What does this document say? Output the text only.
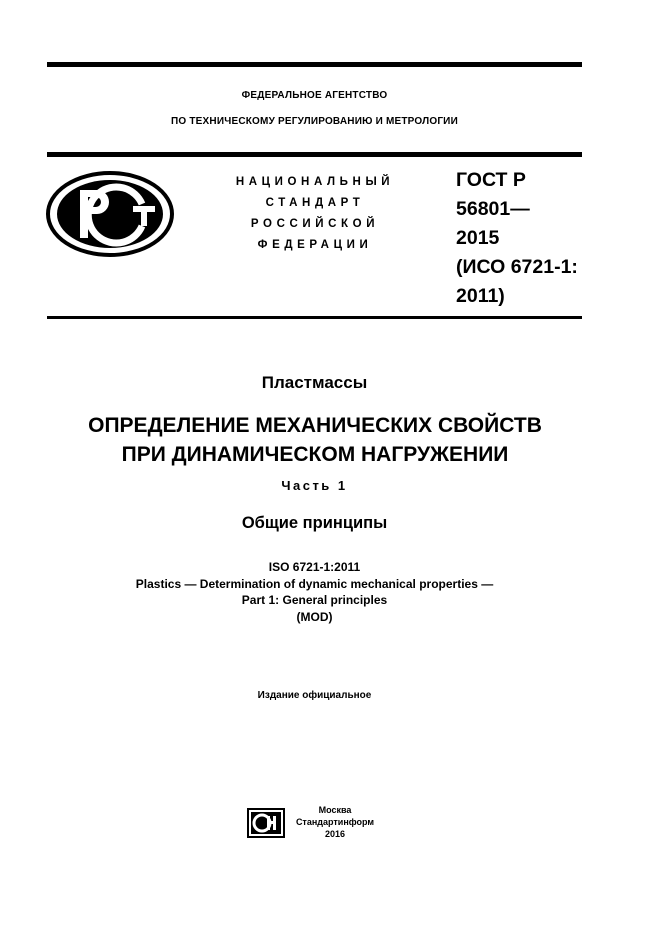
ФЕДЕРАЛЬНОЕ АГЕНТСТВО
ПО ТЕХНИЧЕСКОМУ РЕГУЛИРОВАНИЮ И МЕТРОЛОГИИ
НАЦИОНАЛЬНЫЙ
СТАНДАРТ
РОССИЙСКОЙ
ФЕДЕРАЦИИ
ГОСТ Р
56801—
2015
(ИСО 6721-1:
2011)
Пластмассы
ОПРЕДЕЛЕНИЕ МЕХАНИЧЕСКИХ СВОЙСТВ
ПРИ ДИНАМИЧЕСКОМ НАГРУЖЕНИИ
Часть 1
Общие принципы
ISO 6721-1:2011
Plastics — Determination of dynamic mechanical properties —
Part 1: General principles
(MOD)
Издание официальное
Москва
Стандартинформ
2016
